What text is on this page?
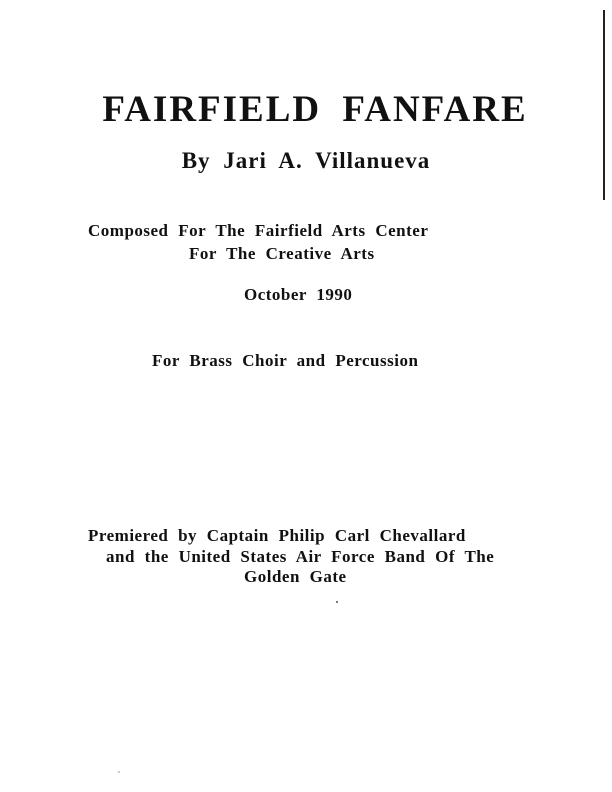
FAIRFIELD FANFARE
By Jari A. Villanueva
Composed For The Fairfield Arts Center
For The Creative Arts
October 1990
For Brass Choir and Percussion
Premiered by Captain Philip Carl Chevallard
and the United States Air Force Band Of The
Golden Gate
